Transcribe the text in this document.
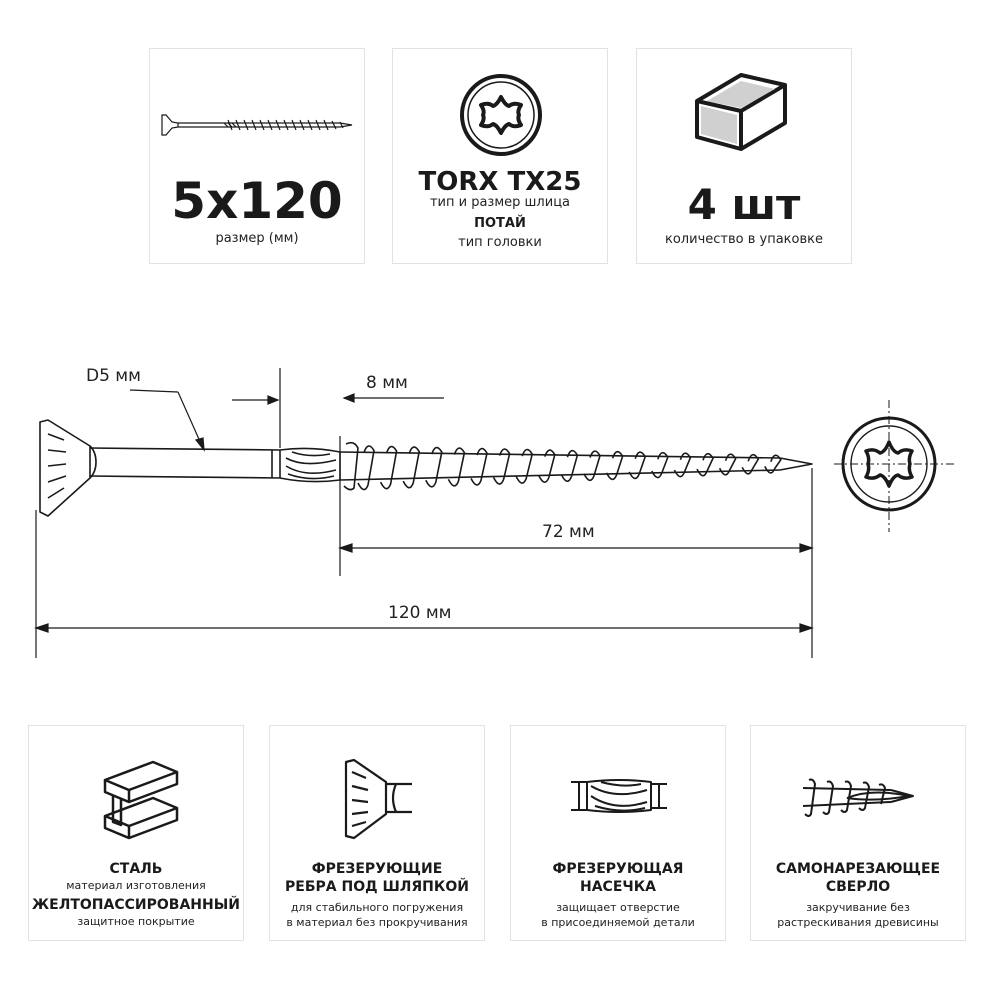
5x120
размер (мм)
TORX TX25
тип и размер шлица
ПОТАЙ
тип головки
4 шт
количество в упаковке
D5 мм	8 мм
72 мм
120 мм
СТАЛЬ
материал изготовления
ЖЕЛТОПАССИРОВАННЫЙ
защитное покрытие
ФРЕЗЕРУЮЩИЕ
РЕБРА ПОД ШЛЯПКОЙ
для стабильного погружения
в материал без прокручивания
ФРЕЗЕРУЮЩАЯ
НАСЕЧКА
защищает отверстие
в присоединяемой детали
САМОНАРЕЗАЮЩЕЕ
СВЕРЛО
закручивание без
растрескивания древисины
